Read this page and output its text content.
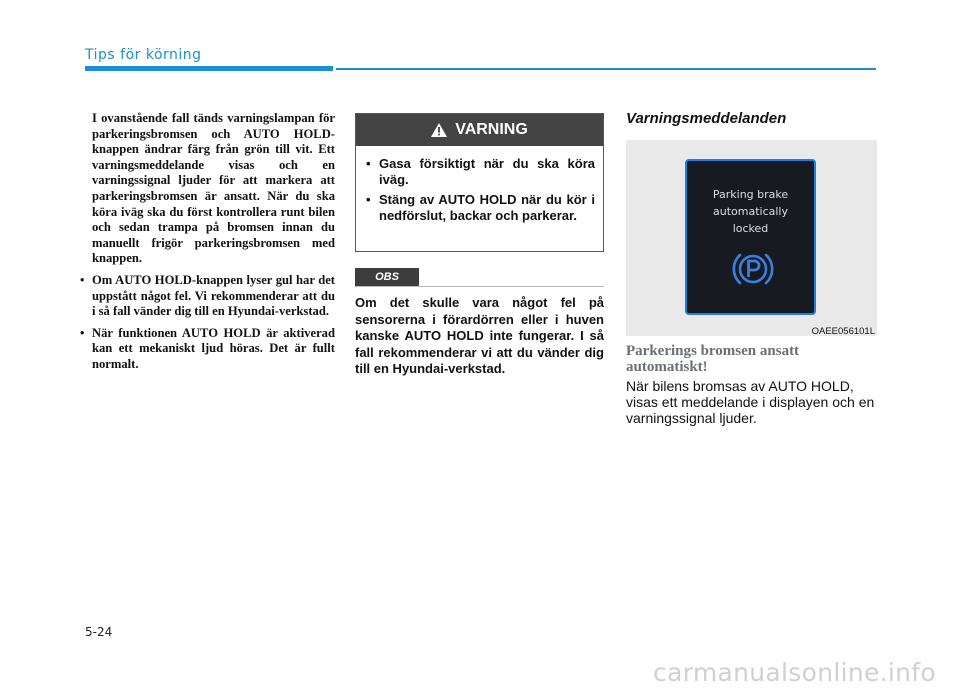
Tips för körning

I ovanstående fall tänds varningslampan för parkeringsbromsen och AUTO HOLD-knappen ändrar färg från grön till vit. Ett varningsmeddelande visas och en varningssignal ljuder för att markera att parkeringsbromsen är ansatt. När du ska köra iväg ska du först kontrollera runt bilen och sedan trampa på bromsen innan du manuellt frigör parkeringsbromsen med knappen.

• Om AUTO HOLD-knappen lyser gul har det uppstått något fel. Vi rekommenderar att du i så fall vänder dig till en Hyundai-verkstad.
• När funktionen AUTO HOLD är aktiverad kan ett mekaniskt ljud höras. Det är fullt normalt.
VARNING
• Gasa försiktigt när du ska köra iväg.
• Stäng av AUTO HOLD när du kör i nedförslut, backar och parkerar.
OBS

Om det skulle vara något fel på sensorerna i förardörren eller i huven kanske AUTO HOLD inte fungerar. I så fall rekommenderar vi att du vänder dig till en Hyundai-verkstad.

Varningsmeddelanden
Parking brake
automatically
locked
OAEE056101L
Parkerings bromsen ansatt automatiskt!

När bilens bromsas av AUTO HOLD, visas ett meddelande i displayen och en varningssignal ljuder.

5-24
carmanualsonline.info
